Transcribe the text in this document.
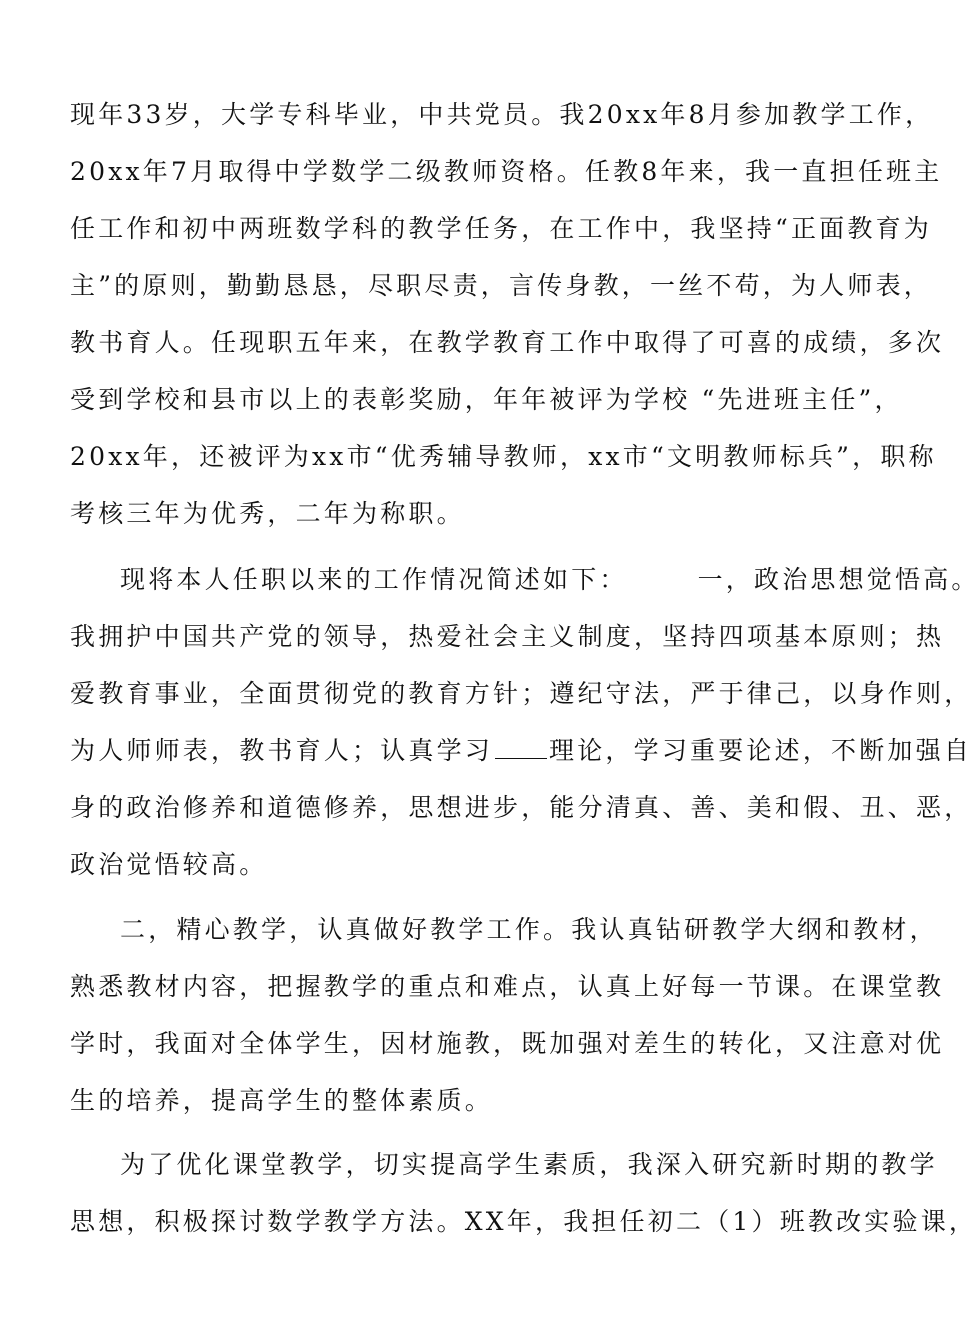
现年33岁，大学专科毕业，中共党员。我20xx年8月参加教学工作，
20xx年7月取得中学数学二级教师资格。任教8年来，我一直担任班主
任工作和初中两班数学科的教学任务，在工作中，我坚持“正面教育为
主”的原则，勤勤恳恳，尽职尽责，言传身教，一丝不苟，为人师表，
教书育人。任现职五年来，在教学教育工作中取得了可喜的成绩，多次
受到学校和县市以上的表彰奖励，年年被评为学校 “先进班主任”，
20xx年，还被评为xx市“优秀辅导教师，xx市“文明教师标兵”，职称
考核三年为优秀，二年为称职。
现将本人任职以来的工作情况简述如下：	一，政治思想觉悟高。
我拥护中国共产党的领导，热爱社会主义制度，坚持四项基本原则；热
爱教育事业，全面贯彻党的教育方针；遵纪守法，严于律己，以身作则，
为人师师表，教书育人；认真学习 理论，学习重要论述，不断加强自
身的政治修养和道德修养，思想进步，能分清真、善、美和假、丑、恶，
政治觉悟较高。
二，精心教学，认真做好教学工作。我认真钻研教学大纲和教材，
熟悉教材内容，把握教学的重点和难点，认真上好每一节课。在课堂教
学时，我面对全体学生，因材施教，既加强对差生的转化，又注意对优
生的培养，提高学生的整体素质。
为了优化课堂教学，切实提高学生素质，我深入研究新时期的教学
思想，积极探讨数学教学方法。XX年，我担任初二（1）班教改实验课，
